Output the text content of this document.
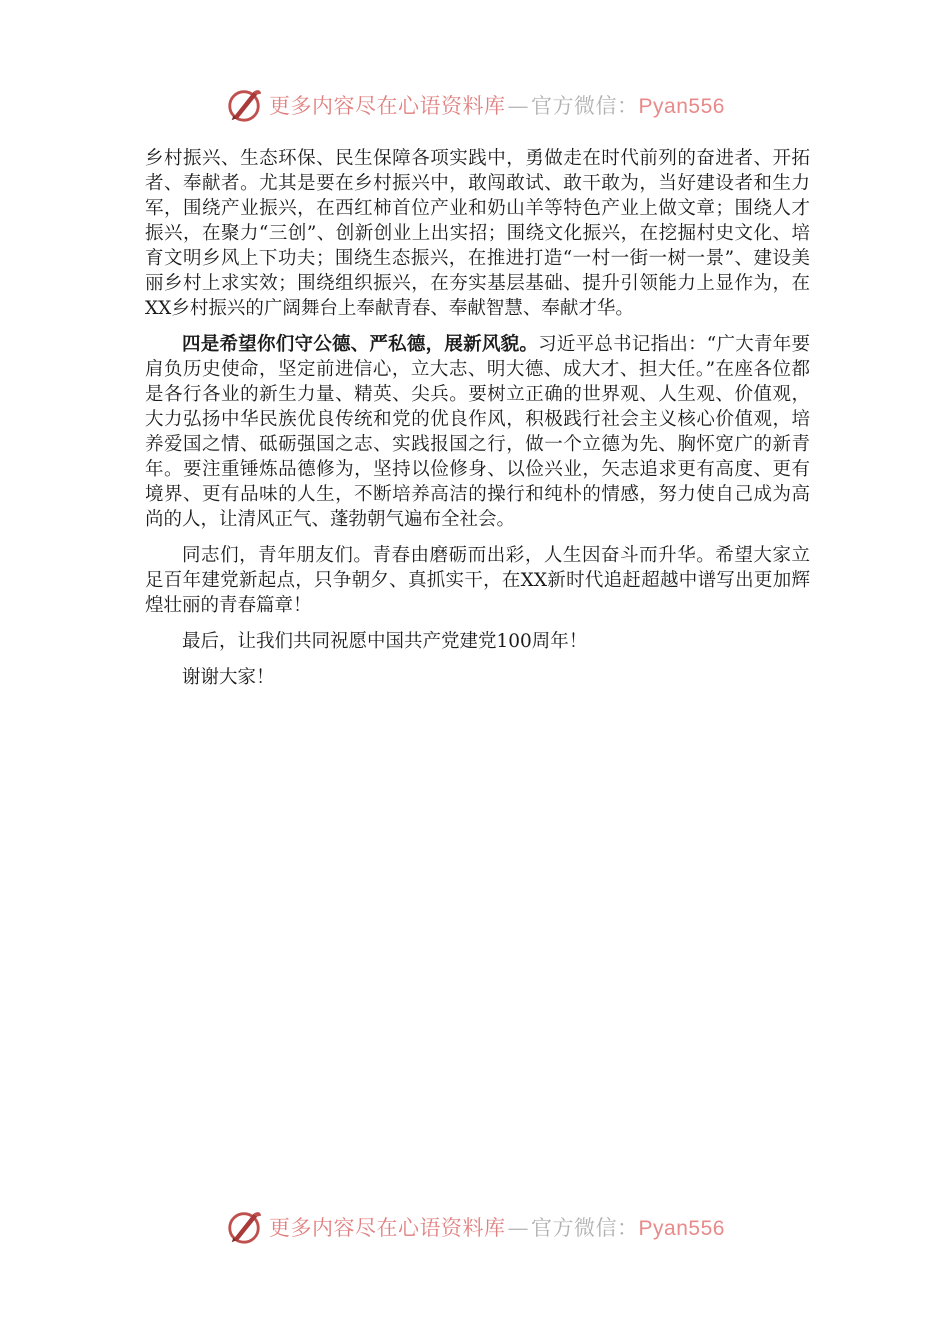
更多内容尽在心语资料库—官方微信：Pyan556

乡村振兴、生态环保、民生保障各项实践中，勇做走在时代前列的奋进者、开拓者、奉献者。尤其是要在乡村振兴中，敢闯敢试、敢干敢为，当好建设者和生力军，围绕产业振兴，在西红柿首位产业和奶山羊等特色产业上做文章；围绕人才振兴，在聚力“三创”、创新创业上出实招；围绕文化振兴，在挖掘村史文化、培育文明乡风上下功夫；围绕生态振兴，在推进打造“一村一街一树一景”、建设美丽乡村上求实效；围绕组织振兴，在夯实基层基础、提升引领能力上显作为，在XX乡村振兴的广阔舞台上奉献青春、奉献智慧、奉献才华。

四是希望你们守公德、严私德，展新风貌。习近平总书记指出：“广大青年要肩负历史使命，坚定前进信心，立大志、明大德、成大才、担大任。”在座各位都是各行各业的新生力量、精英、尖兵。要树立正确的世界观、人生观、价值观，大力弘扬中华民族优良传统和党的优良作风，积极践行社会主义核心价值观，培养爱国之情、砥砺强国之志、实践报国之行，做一个立德为先、胸怀宽广的新青年。要注重锤炼品德修为，坚持以俭修身、以俭兴业，矢志追求更有高度、更有境界、更有品味的人生，不断培养高洁的操行和纯朴的情感，努力使自己成为高尚的人，让清风正气、蓬勃朝气遍布全社会。

同志们，青年朋友们。青春由磨砺而出彩，人生因奋斗而升华。希望大家立足百年建党新起点，只争朝夕、真抓实干，在XX新时代追赶超越中谱写出更加辉煌壮丽的青春篇章！

最后，让我们共同祝愿中国共产党建党100周年！

谢谢大家！

更多内容尽在心语资料库—官方微信：Pyan556
